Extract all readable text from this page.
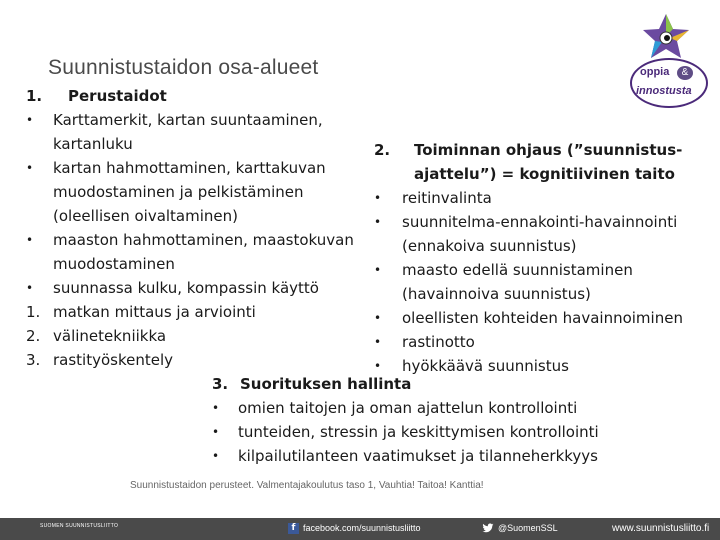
Suunnistustaidon osa-alueet	oppia	&
innostusta
1. Perustaidot
• Karttamerkit, kartan suuntaaminen, kartanluku
• kartan hahmottaminen, karttakuvan muodostaminen ja pelkistäminen (oleellisen oivaltaminen)
• maaston hahmottaminen, maastokuvan muodostaminen
• suunnassa kulku, kompassin käyttö
1. matkan mittaus ja arviointi
2. välinetekniikka
3. rastityöskentely
2. Toiminnan ohjaus (”suunnistus-ajattelu”) = kognitiivinen taito
• reitinvalinta
• suunnitelma-ennakointi-havainnointi (ennakoiva suunnistus)
• maasto edellä suunnistaminen (havainnoiva suunnistus)
• oleellisten kohteiden havainnoiminen
• rastinotto
• hyökkäävä suunnistus
3. Suorituksen hallinta
• omien taitojen ja oman ajattelun kontrollointi
• tunteiden, stressin ja keskittymisen kontrollointi
• kilpailutilanteen vaatimukset ja tilanneherkkyys
Suunnistustaidon perusteet. Valmentajakoulutus taso 1, Vauhtia! Taitoa! Kanttia!
SUOMEN SUUNNISTUSLIITTO	f facebook.com/suunnistusliitto	@SuomenSSL	www.suunnistusliitto.fi
